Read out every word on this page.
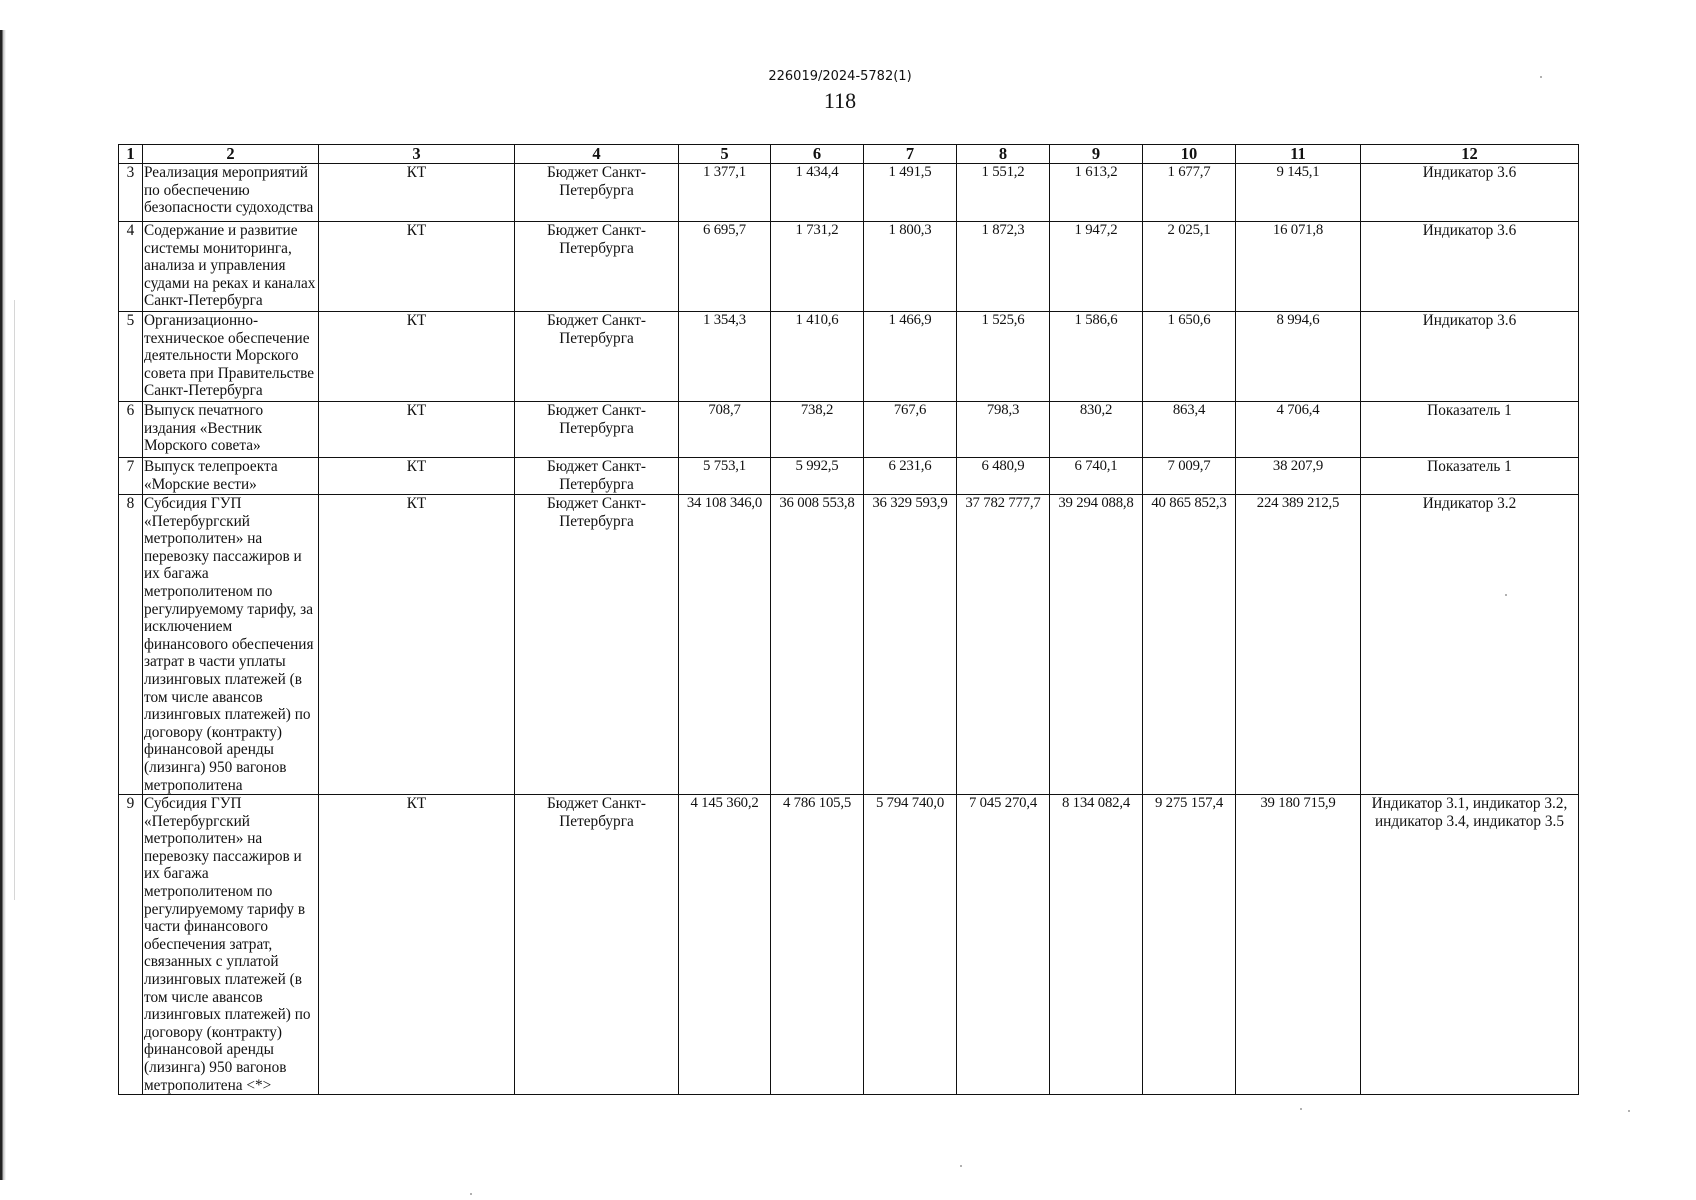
226019/2024-5782(1)
118
1	2	3	4	5	6	7	8	9	10	11	12
3	Реализация мероприятий по обеспечению безопасности судоходства	КТ	Бюджет Санкт-Петербурга	1 377,1	1 434,4	1 491,5	1 551,2	1 613,2	1 677,7	9 145,1	Индикатор 3.6
4	Содержание и развитие системы мониторинга, анализа и управления судами на реках и каналах Санкт-Петербурга	КТ	Бюджет Санкт-Петербурга	6 695,7	1 731,2	1 800,3	1 872,3	1 947,2	2 025,1	16 071,8	Индикатор 3.6
5	Организационно-техническое обеспечение деятельности Морского совета при Правительстве Санкт-Петербурга	КТ	Бюджет Санкт-Петербурга	1 354,3	1 410,6	1 466,9	1 525,6	1 586,6	1 650,6	8 994,6	Индикатор 3.6
6	Выпуск печатного издания «Вестник Морского совета»	КТ	Бюджет Санкт-Петербурга	708,7	738,2	767,6	798,3	830,2	863,4	4 706,4	Показатель 1
7	Выпуск телепроекта «Морские вести»	КТ	Бюджет Санкт-Петербурга	5 753,1	5 992,5	6 231,6	6 480,9	6 740,1	7 009,7	38 207,9	Показатель 1
8	Субсидия ГУП «Петербургский метрополитен» на перевозку пассажиров и их багажа метрополитеном по регулируемому тарифу, за исключением финансового обеспечения затрат в части уплаты лизинговых платежей (в том числе авансов лизинговых платежей) по договору (контракту) финансовой аренды (лизинга) 950 вагонов метрополитена	КТ	Бюджет Санкт-Петербурга	34 108 346,0	36 008 553,8	36 329 593,9	37 782 777,7	39 294 088,8	40 865 852,3	224 389 212,5	Индикатор 3.2
9	Субсидия ГУП «Петербургский метрополитен» на перевозку пассажиров и их багажа метрополитеном по регулируемому тарифу в части финансового обеспечения затрат, связанных с уплатой лизинговых платежей (в том числе авансов лизинговых платежей) по договору (контракту) финансовой аренды (лизинга) 950 вагонов метрополитена <*>	КТ	Бюджет Санкт-Петербурга	4 145 360,2	4 786 105,5	5 794 740,0	7 045 270,4	8 134 082,4	9 275 157,4	39 180 715,9	Индикатор 3.1, индикатор 3.2, индикатор 3.4, индикатор 3.5
